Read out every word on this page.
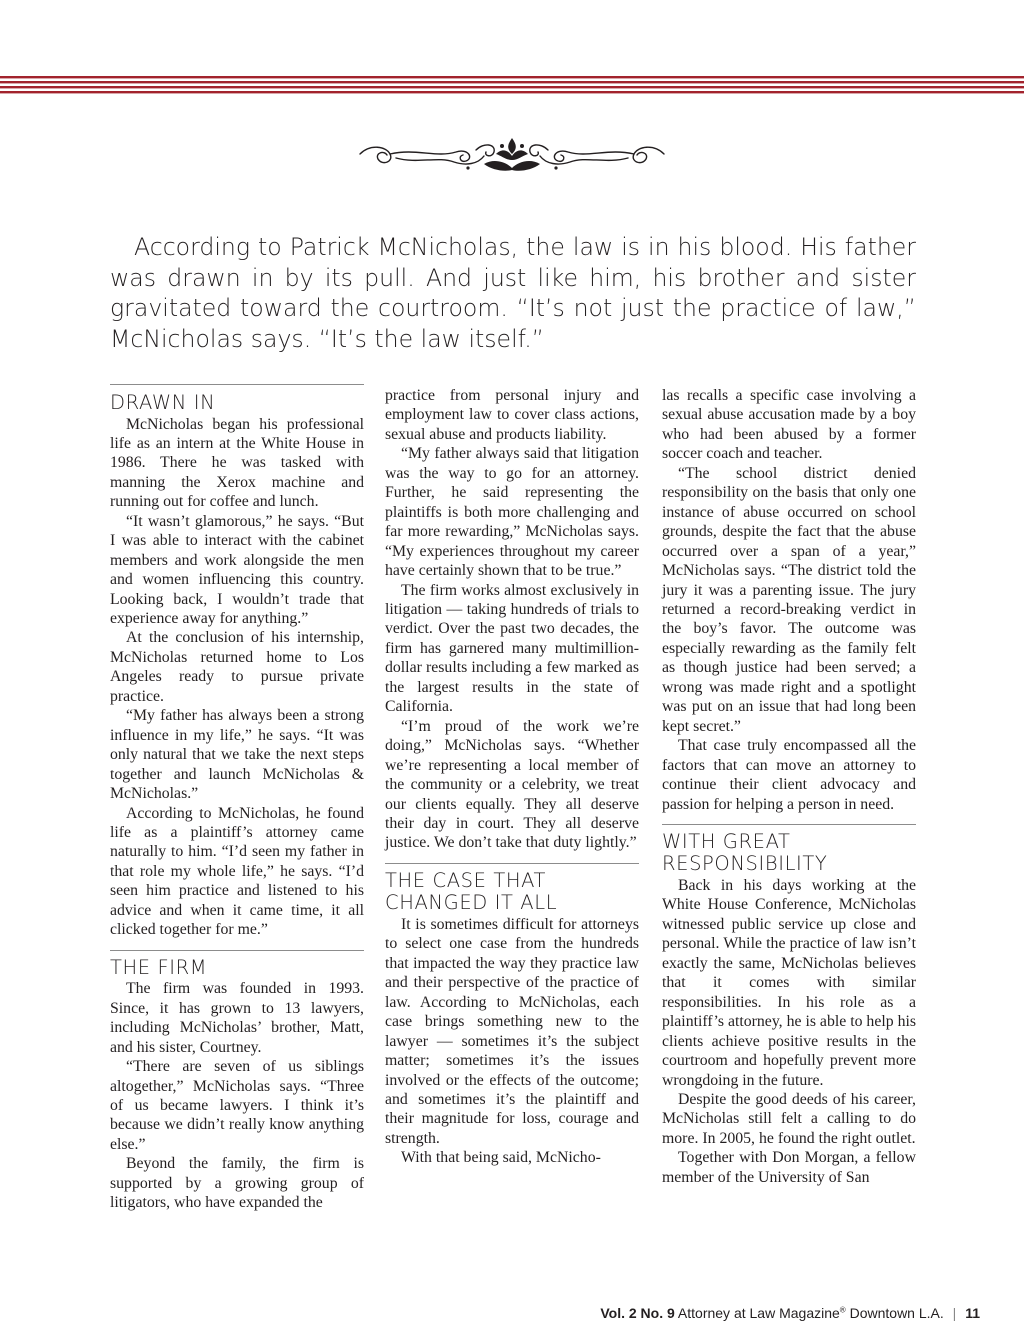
According to Patrick McNicholas, the law is in his blood. His father was drawn in by its pull. And just like him, his brother and sister gravitated toward the courtroom. “It’s not just the practice of law,” McNicholas says. “It’s the law itself.”

DRAWN IN

McNicholas began his professional life as an intern at the White House in 1986. There he was tasked with manning the Xerox machine and running out for coffee and lunch.

“It wasn’t glamorous,” he says. “But I was able to interact with the cabinet members and work alongside the men and women influencing this country. Looking back, I wouldn’t trade that experience away for anything.”

At the conclusion of his internship, McNicholas returned home to Los Angeles ready to pursue private practice.

“My father has always been a strong influence in my life,” he says. “It was only natural that we take the next steps together and launch McNicholas & McNicholas.”

According to McNicholas, he found life as a plaintiff’s attorney came naturally to him. “I’d seen my father in that role my whole life,” he says. “I’d seen him practice and listened to his advice and when it came time, it all clicked together for me.”

THE FIRM

The firm was founded in 1993. Since, it has grown to 13 lawyers, including McNicholas’ brother, Matt, and his sister, Courtney.

“There are seven of us siblings altogether,” McNicholas says. “Three of us became lawyers. I think it’s because we didn’t really know anything else.”

Beyond the family, the firm is supported by a growing group of litigators, who have expanded the

practice from personal injury and employment law to cover class actions, sexual abuse and products liability.

“My father always said that litigation was the way to go for an attorney. Further, he said representing the plaintiffs is both more challenging and far more rewarding,” McNicholas says. “My experiences throughout my career have certainly shown that to be true.”

The firm works almost exclusively in litigation — taking hundreds of trials to verdict. Over the past two decades, the firm has garnered many multimillion-dollar results including a few marked as the largest results in the state of California.

“I’m proud of the work we’re doing,” McNicholas says. “Whether we’re representing a local member of the community or a celebrity, we treat our clients equally. They all deserve their day in court. They all deserve justice. We don’t take that duty lightly.”

THE CASE THAT CHANGED IT ALL

It is sometimes difficult for attorneys to select one case from the hundreds that impacted the way they practice law and their perspective of the practice of law. According to McNicholas, each case brings something new to the lawyer — sometimes it’s the subject matter; sometimes it’s the issues involved or the effects of the outcome; and sometimes it’s the plaintiff and their magnitude for loss, courage and strength.

With that being said, McNicho-

las recalls a specific case involving a sexual abuse accusation made by a boy who had been abused by a former soccer coach and teacher.

“The school district denied responsibility on the basis that only one instance of abuse occurred on school grounds, despite the fact that the abuse occurred over a span of a year,” McNicholas says. “The district told the jury it was a parenting issue. The jury returned a record-breaking verdict in the boy’s favor. The outcome was especially rewarding as the family felt as though justice had been served; a wrong was made right and a spotlight was put on an issue that had long been kept secret.”

That case truly encompassed all the factors that can move an attorney to continue their client advocacy and passion for helping a person in need.

WITH GREAT RESPONSIBILITY

Back in his days working at the White House Conference, McNicholas witnessed public service up close and personal. While the practice of law isn’t exactly the same, McNicholas believes that it comes with similar responsibilities. In his role as a plaintiff’s attorney, he is able to help his clients achieve positive results in the courtroom and hopefully prevent more wrongdoing in the future.

Despite the good deeds of his career, McNicholas still felt a calling to do more. In 2005, he found the right outlet.

Together with Don Morgan, a fellow member of the University of San

Vol. 2 No. 9 Attorney at Law Magazine® Downtown L.A. | 11
